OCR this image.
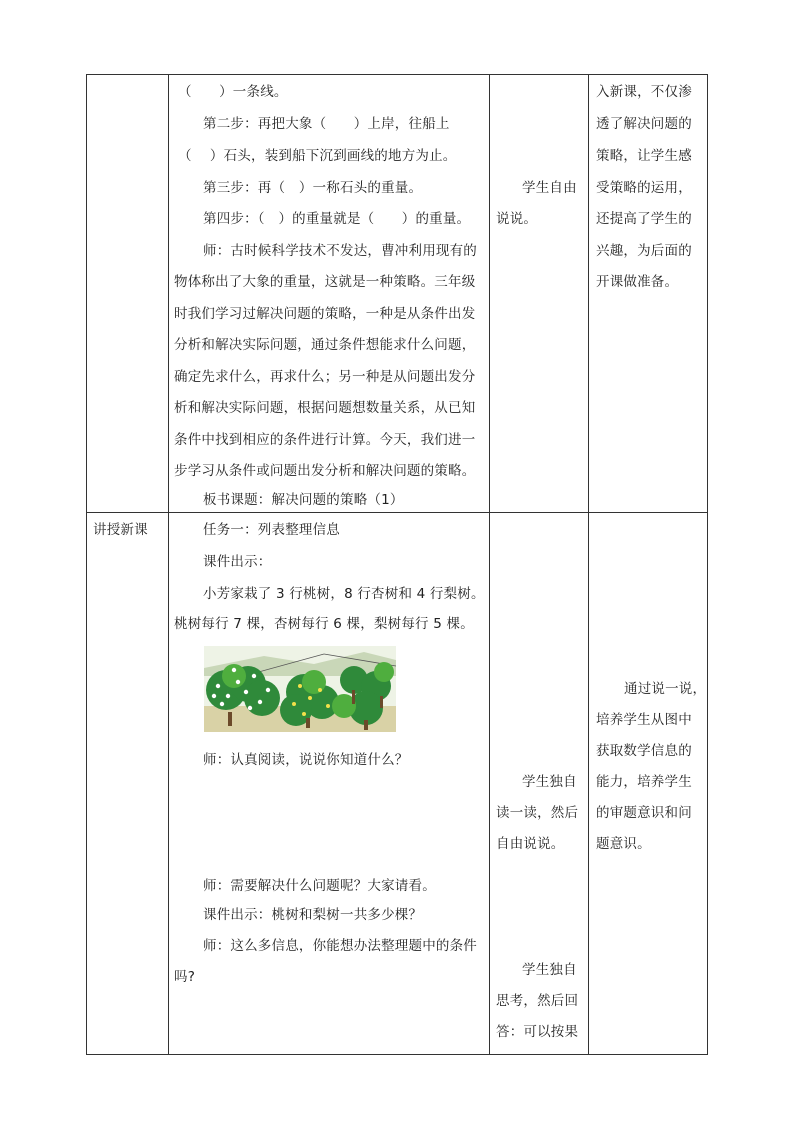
（　　）一条线。
第二步：再把大象（　　）上岸，往船上
（　 ）石头，装到船下沉到画线的地方为止。
第三步：再（　）一称石头的重量。
第四步：（　）的重量就是（　　）的重量。
师：古时候科学技术不发达，曹冲利用现有的
物体称出了大象的重量，这就是一种策略。三年级
时我们学习过解决问题的策略，一种是从条件出发
分析和解决实际问题，通过条件想能求什么问题，
确定先求什么，再求什么；另一种是从问题出发分
析和解决实际问题，根据问题想数量关系，从已知
条件中找到相应的条件进行计算。今天，我们进一
步学习从条件或问题出发分析和解决问题的策略。
板书课题：解决问题的策略（1）
学生自由
说说。
入新课，不仅渗
透了解决问题的
策略，让学生感
受策略的运用，
还提高了学生的
兴趣，为后面的
开课做准备。
讲授新课	任务一：列表整理信息
课件出示：
小芳家栽了 3 行桃树，8 行杏树和 4 行梨树。
桃树每行 7 棵，杏树每行 6 棵，梨树每行 5 棵。
师：认真阅读，说说你知道什么？
师：需要解决什么问题呢？大家请看。
课件出示：桃树和梨树一共多少棵？
师：这么多信息，你能想办法整理题中的条件
吗?
学生独自
读一读，然后
自由说说。
学生独自
思考，然后回
答：可以按果
通过说一说，
培养学生从图中
获取数学信息的
能力，培养学生
的审题意识和问
题意识。
